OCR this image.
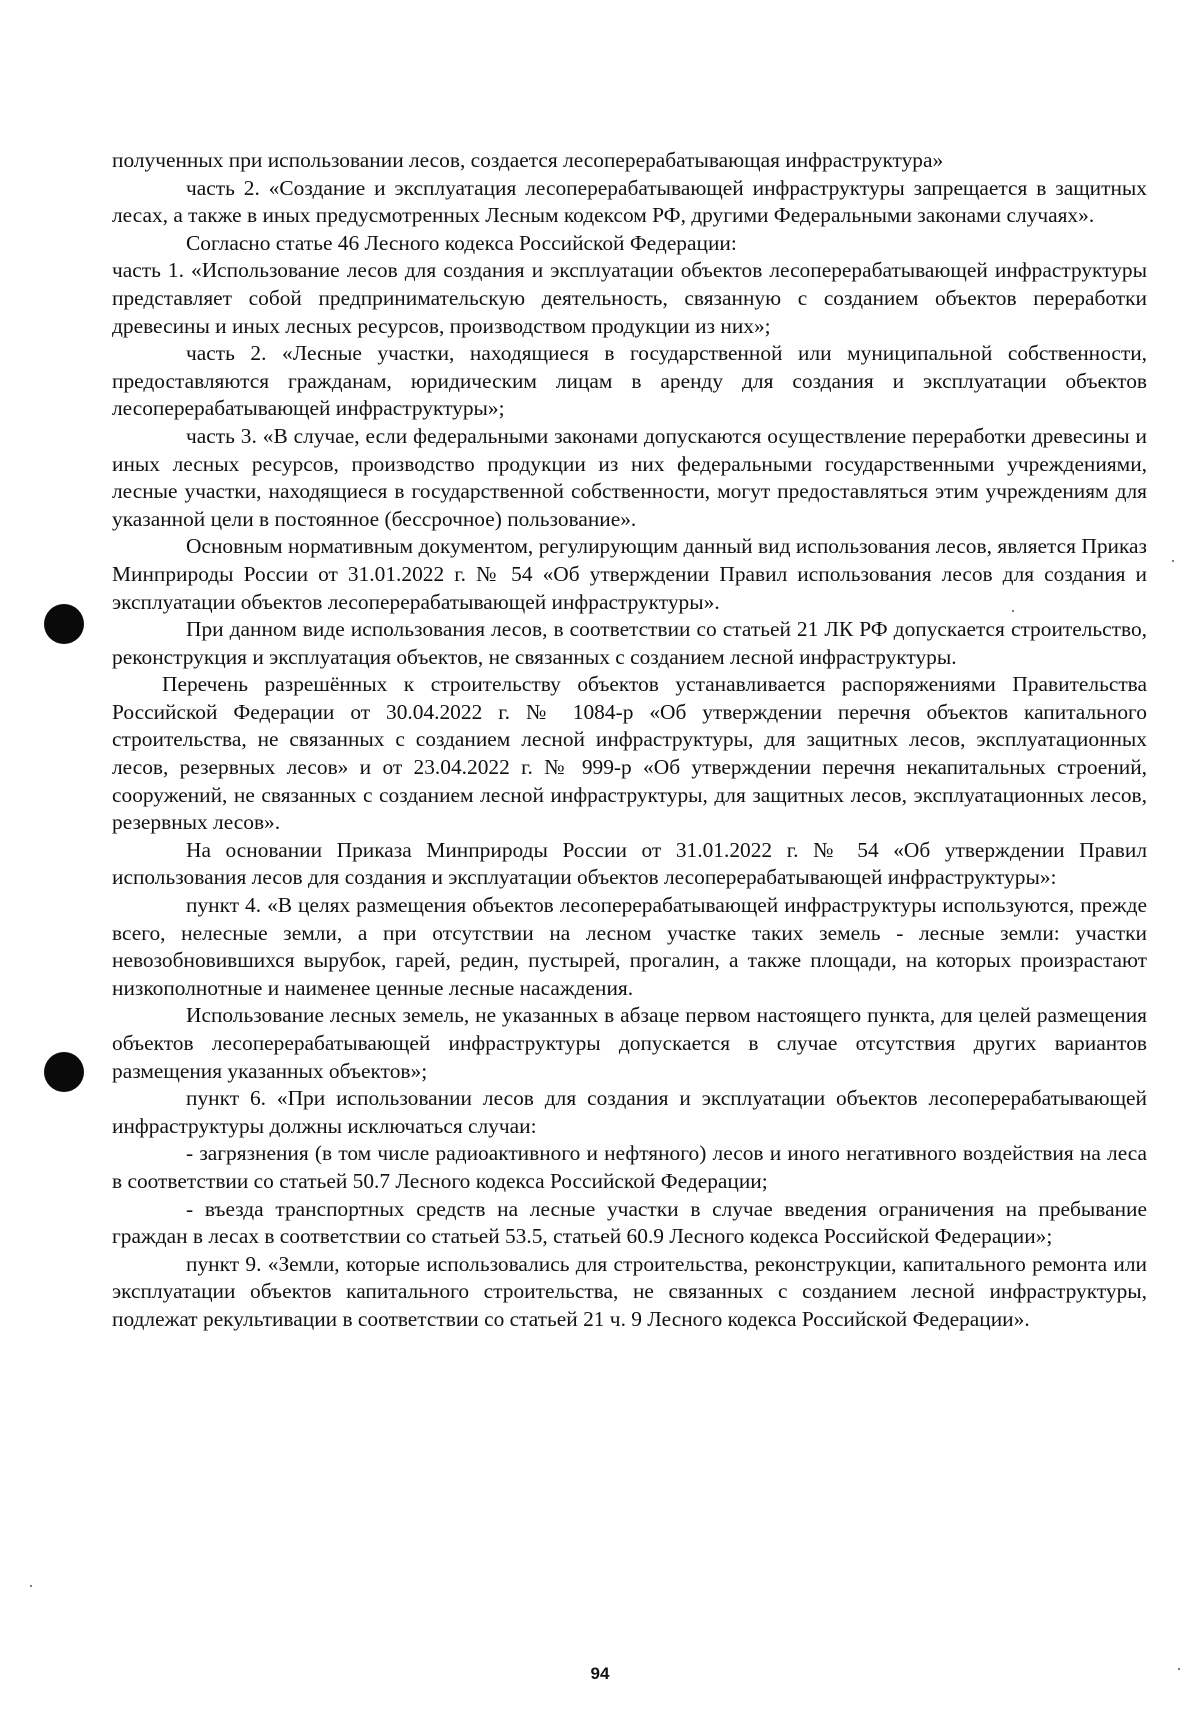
полученных при использовании лесов, создается лесоперерабатывающая инфраструктура»

часть 2. «Создание и эксплуатация лесоперерабатывающей инфраструктуры запрещается в защитных лесах, а также в иных предусмотренных Лесным кодексом РФ, другими Федеральными законами случаях».

Согласно статье 46 Лесного кодекса Российской Федерации:

часть 1. «Использование лесов для создания и эксплуатации объектов лесоперерабатывающей инфраструктуры представляет собой предпринимательскую деятельность, связанную с созданием объектов переработки древесины и иных лесных ресурсов, производством продукции из них»;

часть 2. «Лесные участки, находящиеся в государственной или муниципальной собственности, предоставляются гражданам, юридическим лицам в аренду для создания и эксплуатации объектов лесоперерабатывающей инфраструктуры»;

часть 3. «В случае, если федеральными законами допускаются осуществление переработки древесины и иных лесных ресурсов, производство продукции из них федеральными государственными учреждениями, лесные участки, находящиеся в государственной собственности, могут предоставляться этим учреждениям для указанной цели в постоянное (бессрочное) пользование».

Основным нормативным документом, регулирующим данный вид использования лесов, является Приказ Минприроды России от 31.01.2022 г. № 54 «Об утверждении Правил использования лесов для создания и эксплуатации объектов лесоперерабатывающей инфраструктуры».

При данном виде использования лесов, в соответствии со статьей 21 ЛК РФ допускается строительство, реконструкция и эксплуатация объектов, не связанных с созданием лесной инфраструктуры.

Перечень разрешённых к строительству объектов устанавливается распоряжениями Правительства Российской Федерации от 30.04.2022 г. № 1084-р «Об утверждении перечня объектов капитального строительства, не связанных с созданием лесной инфраструктуры, для защитных лесов, эксплуатационных лесов, резервных лесов» и от 23.04.2022 г. № 999-р «Об утверждении перечня некапитальных строений, сооружений, не связанных с созданием лесной инфраструктуры, для защитных лесов, эксплуатационных лесов, резервных лесов».

На основании Приказа Минприроды России от 31.01.2022 г. № 54 «Об утверждении Правил использования лесов для создания и эксплуатации объектов лесоперерабатывающей инфраструктуры»:

пункт 4. «В целях размещения объектов лесоперерабатывающей инфраструктуры используются, прежде всего, нелесные земли, а при отсутствии на лесном участке таких земель - лесные земли: участки невозобновившихся вырубок, гарей, редин, пустырей, прогалин, а также площади, на которых произрастают низкополнотные и наименее ценные лесные насаждения.

Использование лесных земель, не указанных в абзаце первом настоящего пункта, для целей размещения объектов лесоперерабатывающей инфраструктуры допускается в случае отсутствия других вариантов размещения указанных объектов»;

пункт 6. «При использовании лесов для создания и эксплуатации объектов лесоперерабатывающей инфраструктуры должны исключаться случаи:

- загрязнения (в том числе радиоактивного и нефтяного) лесов и иного негативного воздействия на леса в соответствии со статьей 50.7 Лесного кодекса Российской Федерации;

- въезда транспортных средств на лесные участки в случае введения ограничения на пребывание граждан в лесах в соответствии со статьей 53.5, статьей 60.9 Лесного кодекса Российской Федерации»;

пункт 9. «Земли, которые использовались для строительства, реконструкции, капитального ремонта или эксплуатации объектов капитального строительства, не связанных с созданием лесной инфраструктуры, подлежат рекультивации в соответствии со статьей 21 ч. 9 Лесного кодекса Российской Федерации».

94
